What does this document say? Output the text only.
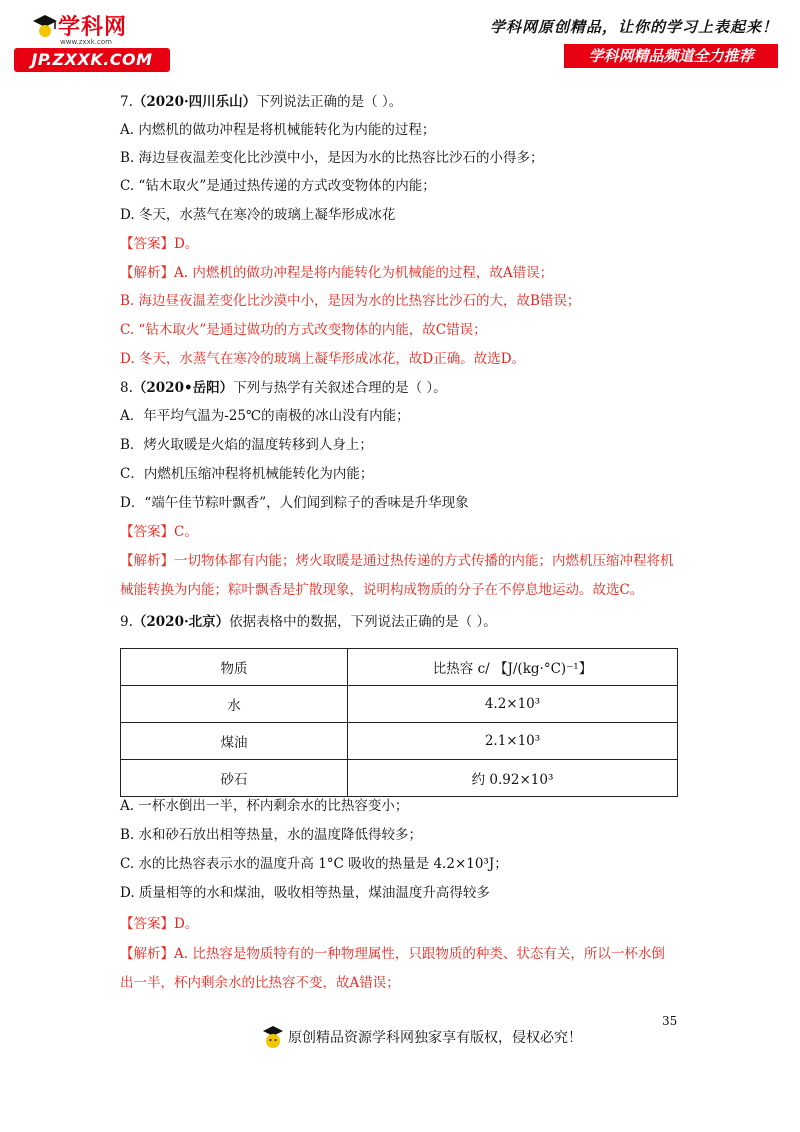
学科网
www.zxxk.com
JP.ZXXK.COM
学科网原创精品，让你的学习上表起来！
学科网精品频道全力推荐
7.（2020·四川乐山）下列说法正确的是（ ）。
A. 内燃机的做功冲程是将机械能转化为内能的过程；
B. 海边昼夜温差变化比沙漠中小，是因为水的比热容比沙石的小得多；
C. “钻木取火”是通过热传递的方式改变物体的内能；
D. 冬天，水蒸气在寒冷的玻璃上凝华形成冰花
【答案】D。
【解析】A. 内燃机的做功冲程是将内能转化为机械能的过程，故A错误；
B. 海边昼夜温差变化比沙漠中小，是因为水的比热容比沙石的大，故B错误；
C. “钻木取火”是通过做功的方式改变物体的内能，故C错误；
D. 冬天，水蒸气在寒冷的玻璃上凝华形成冰花，故D正确。故选D。
8.（2020•岳阳）下列与热学有关叙述合理的是（ ）。
A．年平均气温为-25℃的南极的冰山没有内能；
B．烤火取暖是火焰的温度转移到人身上；
C．内燃机压缩冲程将机械能转化为内能；
D．“端午佳节粽叶飘香”，人们闻到粽子的香味是升华现象
【答案】C。
【解析】一切物体都有内能；烤火取暖是通过热传递的方式传播的内能；内燃机压缩冲程将机
械能转换为内能；粽叶飘香是扩散现象，说明构成物质的分子在不停息地运动。故选C。
9.（2020·北京）依据表格中的数据，下列说法正确的是（ ）。
物质	比热容 c/ 【J/(kg·°C)⁻¹】
水	4.2×10³
煤油	2.1×10³
砂石	约 0.92×10³
A. 一杯水倒出一半，杯内剩余水的比热容变小；
B. 水和砂石放出相等热量，水的温度降低得较多；
C. 水的比热容表示水的温度升高 1°C 吸收的热量是 4.2×10³J；
D. 质量相等的水和煤油，吸收相等热量，煤油温度升高得较多
【答案】D。
【解析】A. 比热容是物质特有的一种物理属性，只跟物质的种类、状态有关，所以一杯水倒
出一半，杯内剩余水的比热容不变，故A错误；
35
原创精品资源学科网独家享有版权，侵权必究！
